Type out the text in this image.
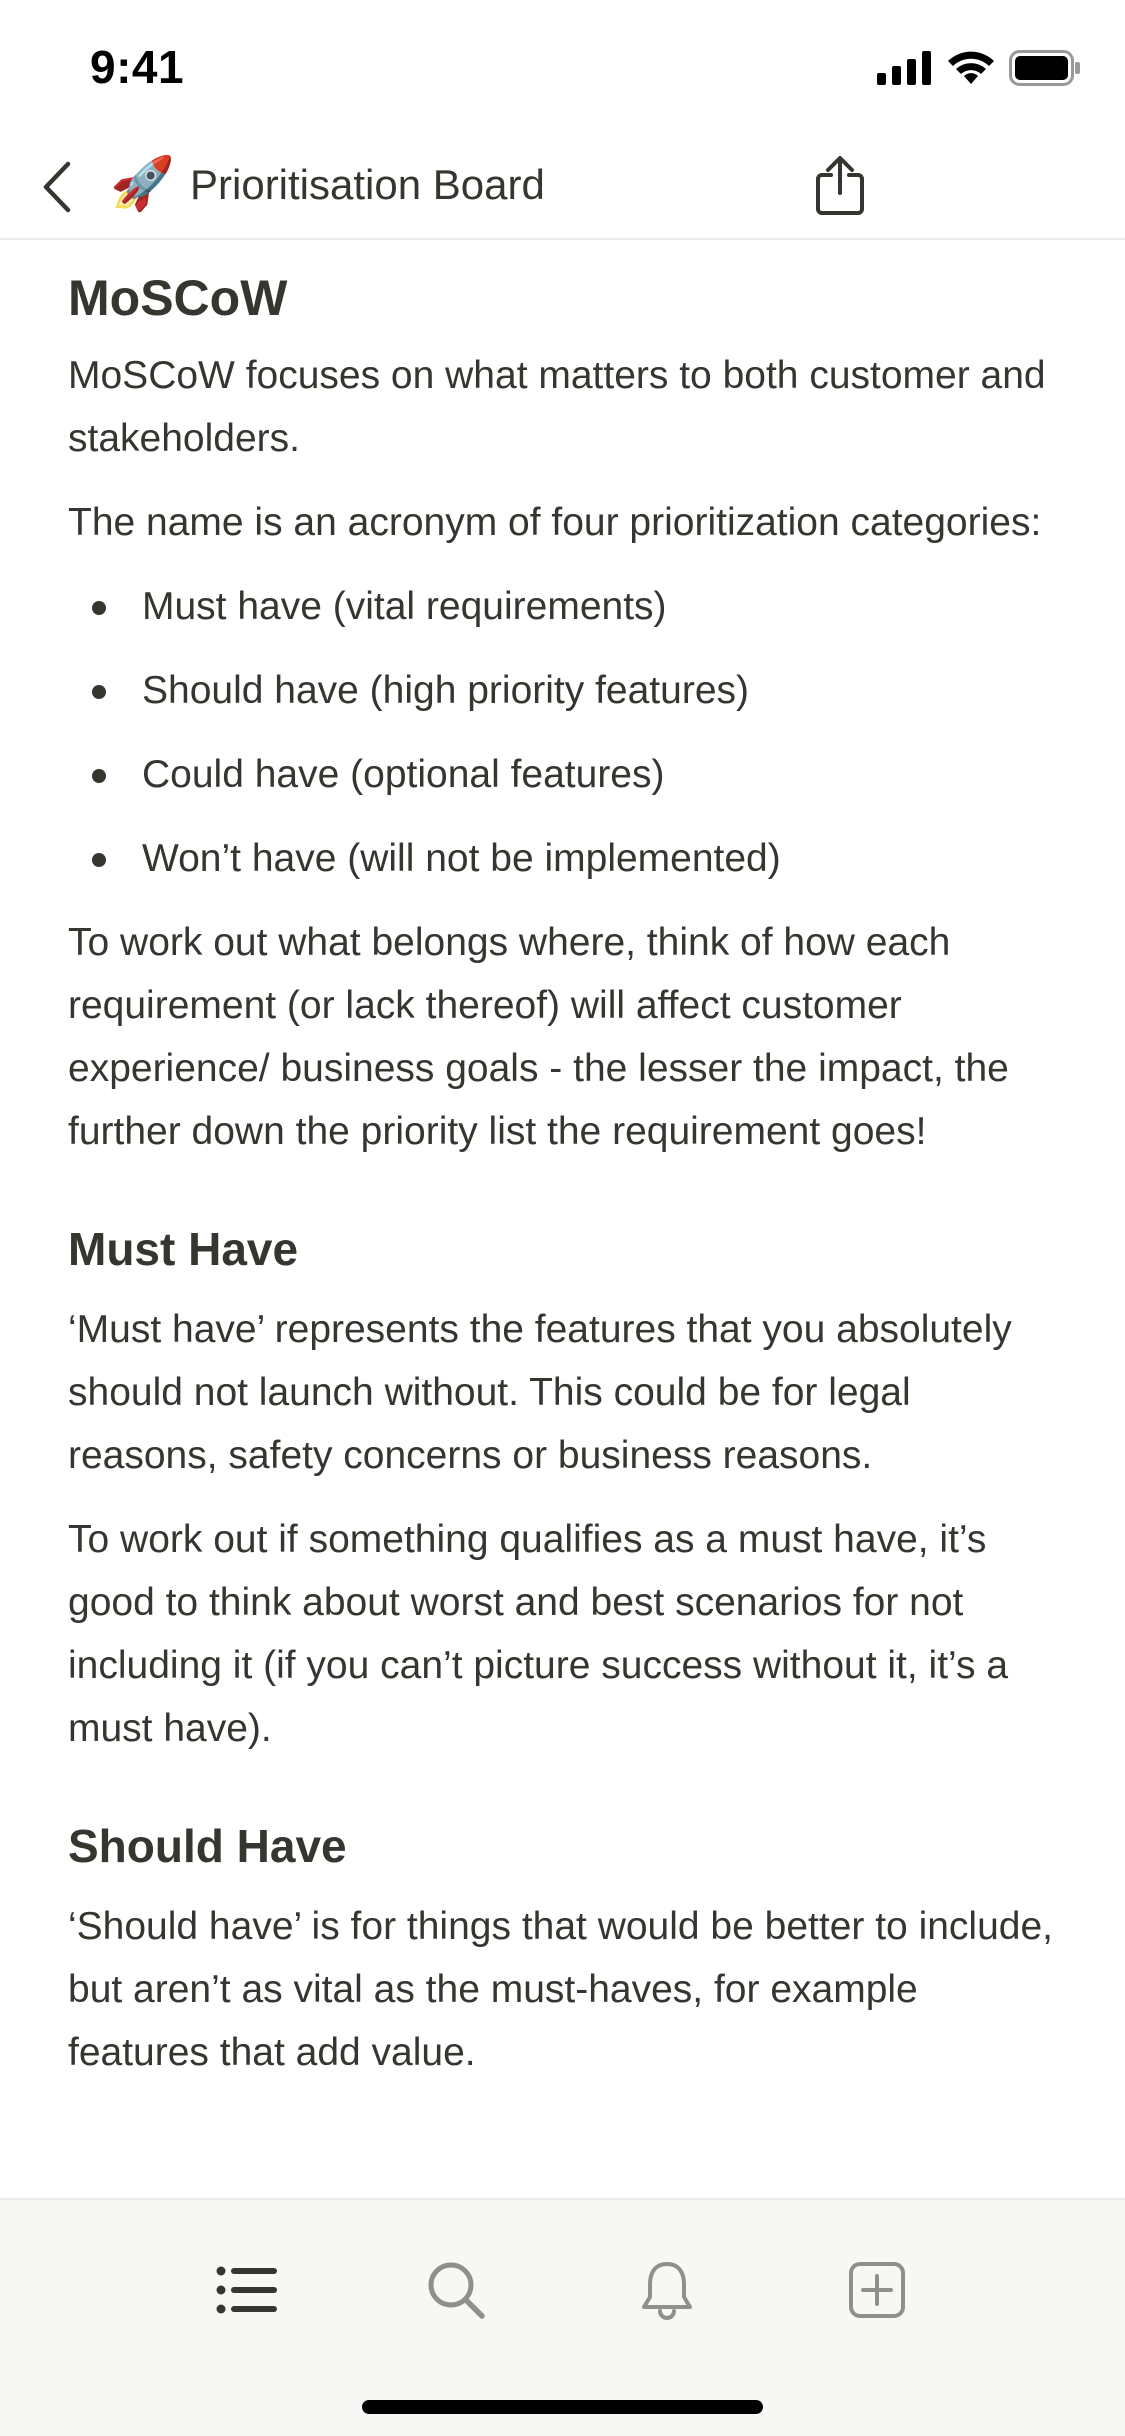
9:41
🚀 Prioritisation Board
MoSCoW

MoSCoW focuses on what matters to both customer and stakeholders.

The name is an acronym of four prioritization categories:

Must have (vital requirements)
Should have (high priority features)
Could have (optional features)
Won’t have (will not be implemented)

To work out what belongs where, think of how each requirement (or lack thereof) will affect customer experience/ business goals - the lesser the impact, the further down the priority list the requirement goes!

Must Have

‘Must have’ represents the features that you absolutely should not launch without. This could be for legal reasons, safety concerns or business reasons.

To work out if something qualifies as a must have, it’s good to think about worst and best scenarios for not including it (if you can’t picture success without it, it’s a must have).

Should Have

‘Should have’ is for things that would be better to include, but aren’t as vital as the must-haves, for example features that add value.
